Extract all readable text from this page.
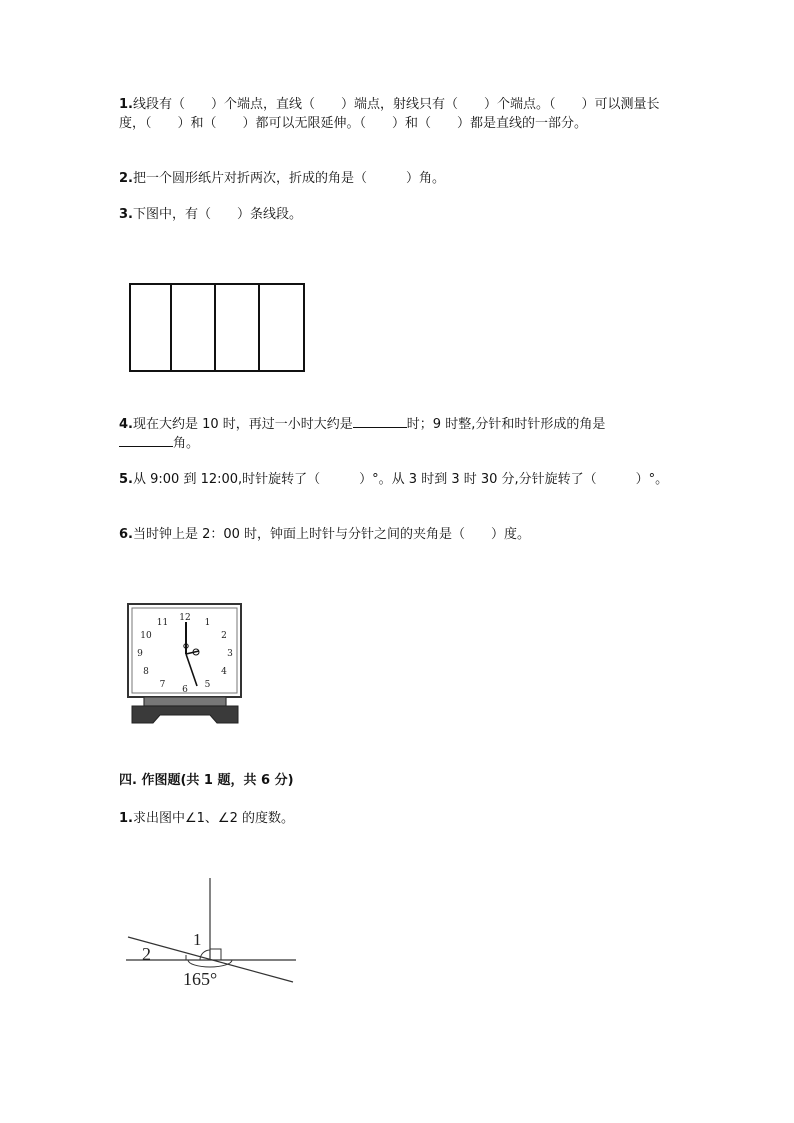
1.线段有（　　）个端点，直线（　　）端点，射线只有（　　）个端点。（　　）可以测量长度，（　　）和（　　）都可以无限延伸。（　　）和（　　）都是直线的一部分。

2.把一个圆形纸片对折两次，折成的角是（　　　）角。

3.下图中，有（　　）条线段。

4.现在大约是 10 时，再过一小时大约是	时；9 时整,分针和时针形成的角是
角。

5.从 9:00 到 12:00,时针旋转了（　　　）°。从 3 时到 3 时 30 分,分针旋转了（　　　）°。

6.当时钟上是 2：00 时，钟面上时针与分针之间的夹角是（　　）度。

12 1
2
3
4
5
6
7
8
9
10
11

四. 作图题(共 1 题，共 6 分)

1.求出图中∠1、∠2 的度数。

1
2
165°
